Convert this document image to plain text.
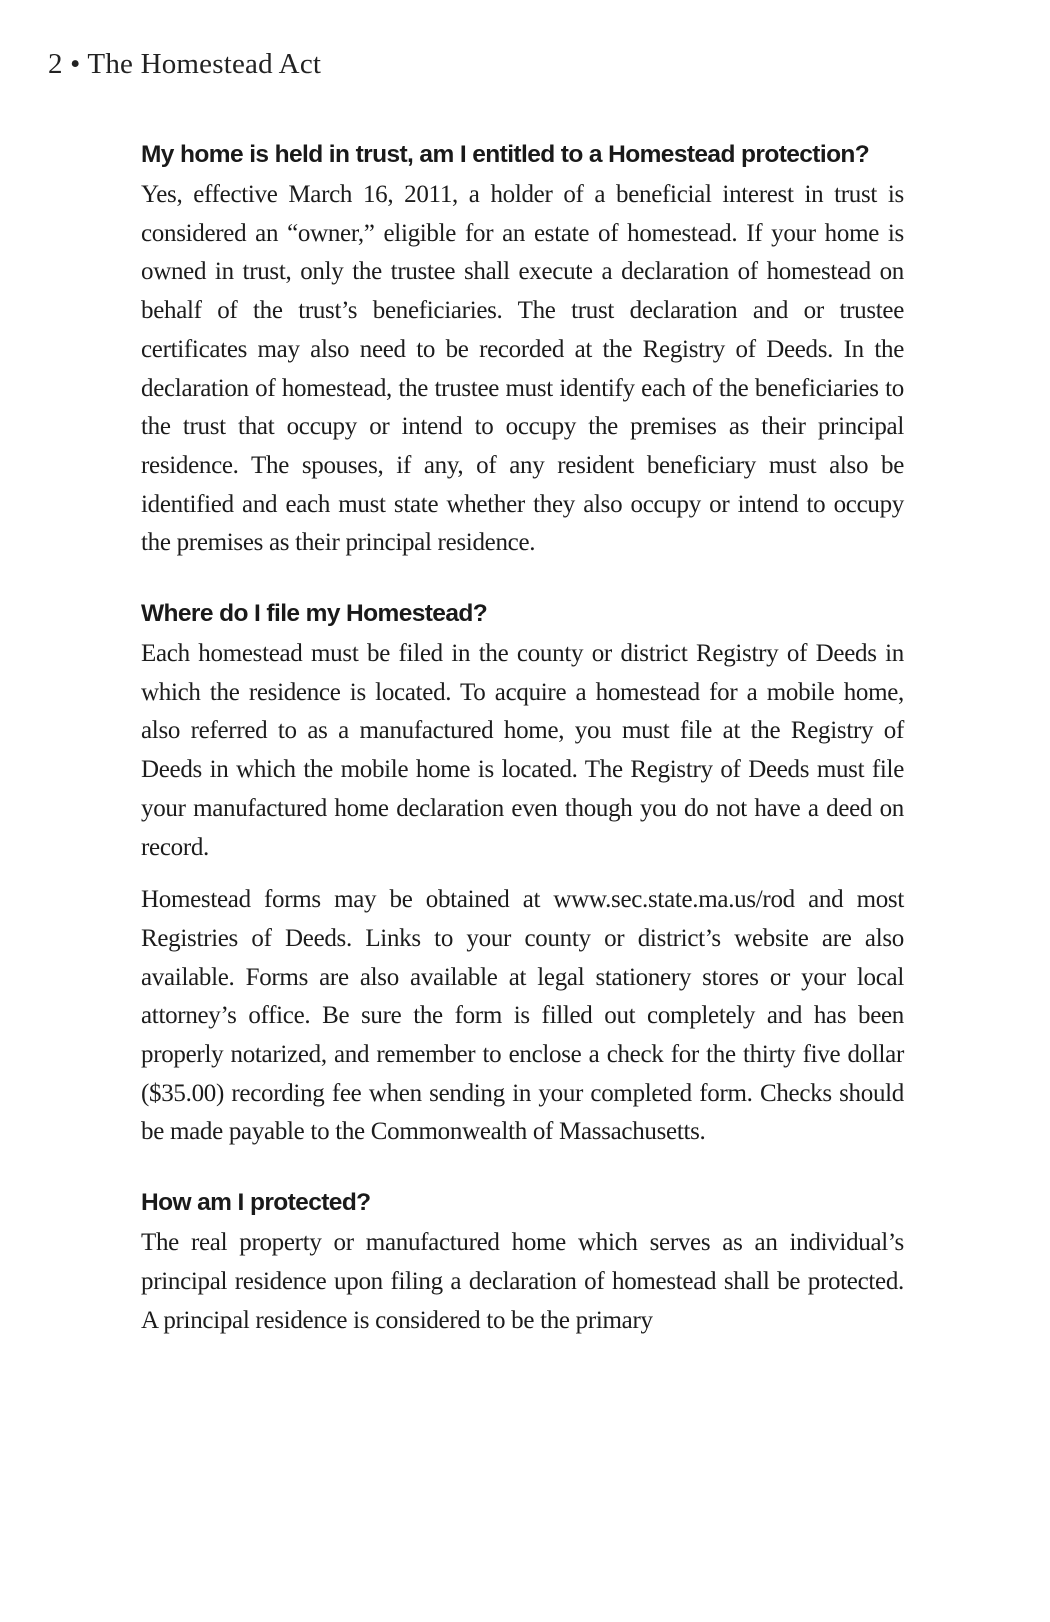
2 • The Homestead Act
My home is held in trust, am I entitled to a Homestead protection?

Yes, effective March 16, 2011, a holder of a beneficial interest in trust is considered an “owner,” eligible for an estate of homestead. If your home is owned in trust, only the trustee shall execute a declaration of homestead on behalf of the trust’s beneficiaries. The trust declaration and or trustee certificates may also need to be recorded at the Registry of Deeds. In the declaration of homestead, the trustee must identify each of the beneficiaries to the trust that occupy or intend to occupy the premises as their principal residence. The spouses, if any, of any resident beneficiary must also be identified and each must state whether they also occupy or intend to occupy the premises as their principal residence.

Where do I file my Homestead?

Each homestead must be filed in the county or district Registry of Deeds in which the residence is located. To acquire a homestead for a mobile home, also referred to as a manufactured home, you must file at the Registry of Deeds in which the mobile home is located. The Registry of Deeds must file your manufactured home declaration even though you do not have a deed on record.

Homestead forms may be obtained at www.sec.state.ma.us/rod and most Registries of Deeds. Links to your county or district’s website are also available. Forms are also available at legal stationery stores or your local attorney’s office. Be sure the form is filled out completely and has been properly notarized, and remember to enclose a check for the thirty five dollar ($35.00) recording fee when sending in your completed form. Checks should be made payable to the Commonwealth of Massachusetts.

How am I protected?

The real property or manufactured home which serves as an individual’s principal residence upon filing a declaration of homestead shall be protected. A principal residence is considered to be the primary
